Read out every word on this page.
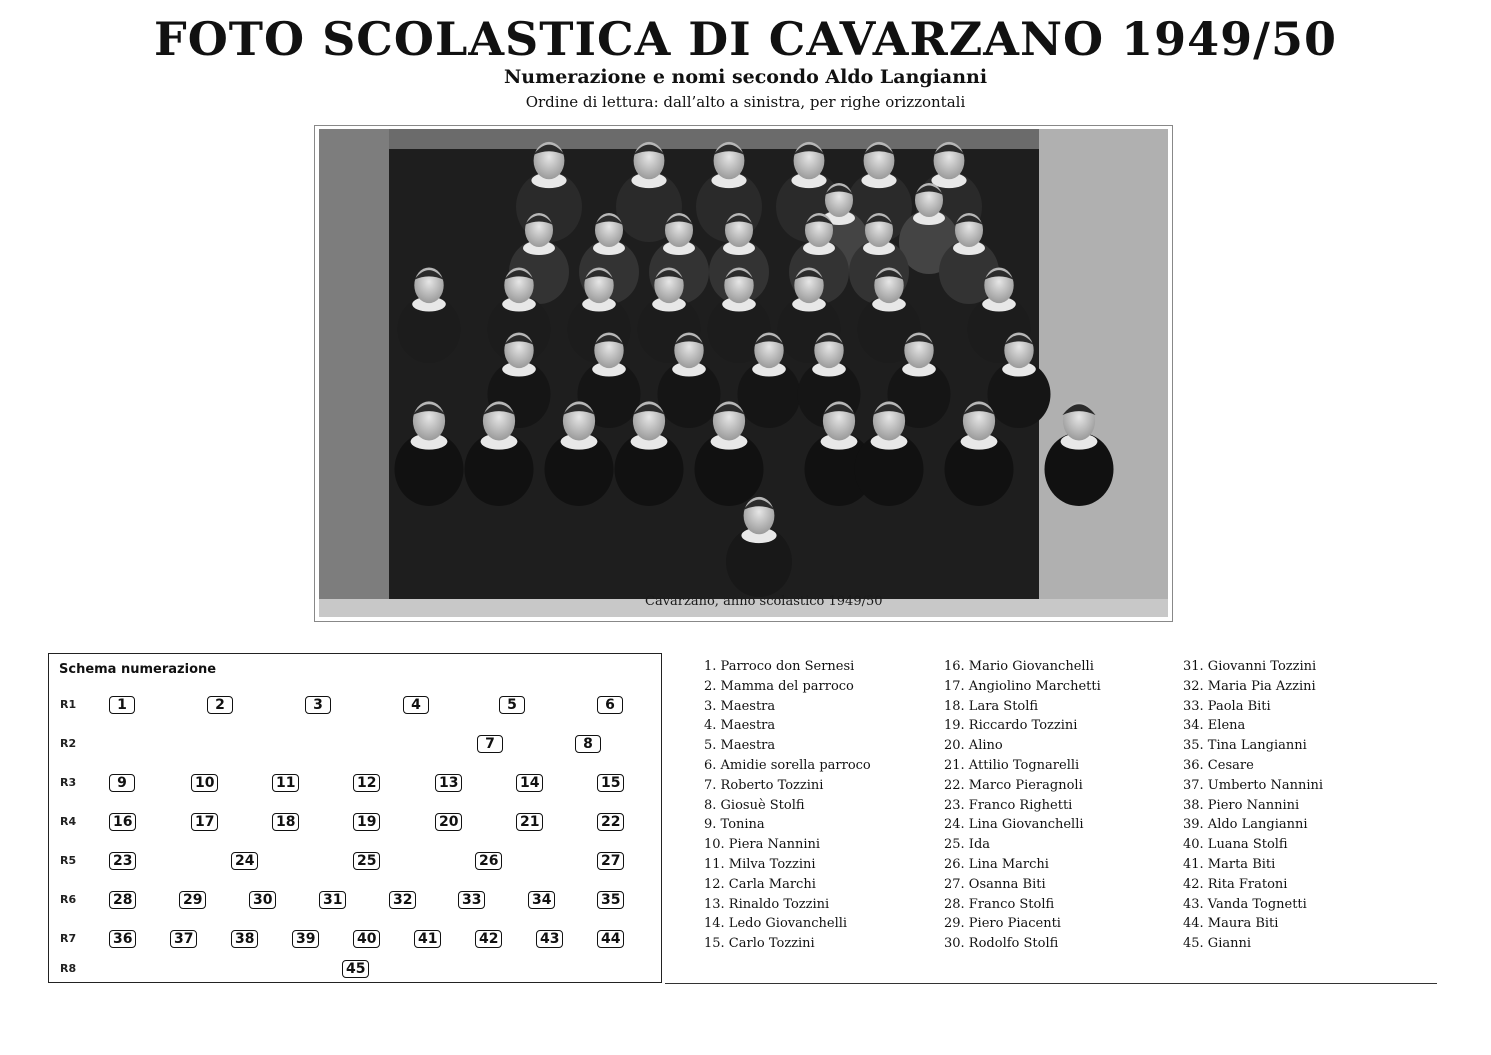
FOTO SCOLASTICA DI CAVARZANO 1949/50
Numerazione e nomi secondo Aldo Langianni
Ordine di lettura: dall’alto a sinistra, per righe orizzontali
Cavarzano, anno scolastico 1949/50
Schema numerazione
R1	1	2	3	4	5	6
R2	7	8
R3	9	10	11	12	13	14	15
R4	16	17	18	19	20	21	22
R5	23	24	25	26	27
R6	28	29	30	31	32	33	34	35
R7	36	37	38	39	40	41	42	43	44
R8	45
1. Parroco don Sernesi
2. Mamma del parroco
3. Maestra
4. Maestra
5. Maestra
6. Amidie sorella parroco
7. Roberto Tozzini
8. Giosuè Stolfi
9. Tonina
10. Piera Nannini
11. Milva Tozzini
12. Carla Marchi
13. Rinaldo Tozzini
14. Ledo Giovanchelli
15. Carlo Tozzini
16. Mario Giovanchelli
17. Angiolino Marchetti
18. Lara Stolfi
19. Riccardo Tozzini
20. Alino
21. Attilio Tognarelli
22. Marco Pieragnoli
23. Franco Righetti
24. Lina Giovanchelli
25. Ida
26. Lina Marchi
27. Osanna Biti
28. Franco Stolfi
29. Piero Piacenti
30. Rodolfo Stolfi
31. Giovanni Tozzini
32. Maria Pia Azzini
33. Paola Biti
34. Elena
35. Tina Langianni
36. Cesare
37. Umberto Nannini
38. Piero Nannini
39. Aldo Langianni
40. Luana Stolfi
41. Marta Biti
42. Rita Fratoni
43. Vanda Tognetti
44. Maura Biti
45. Gianni
